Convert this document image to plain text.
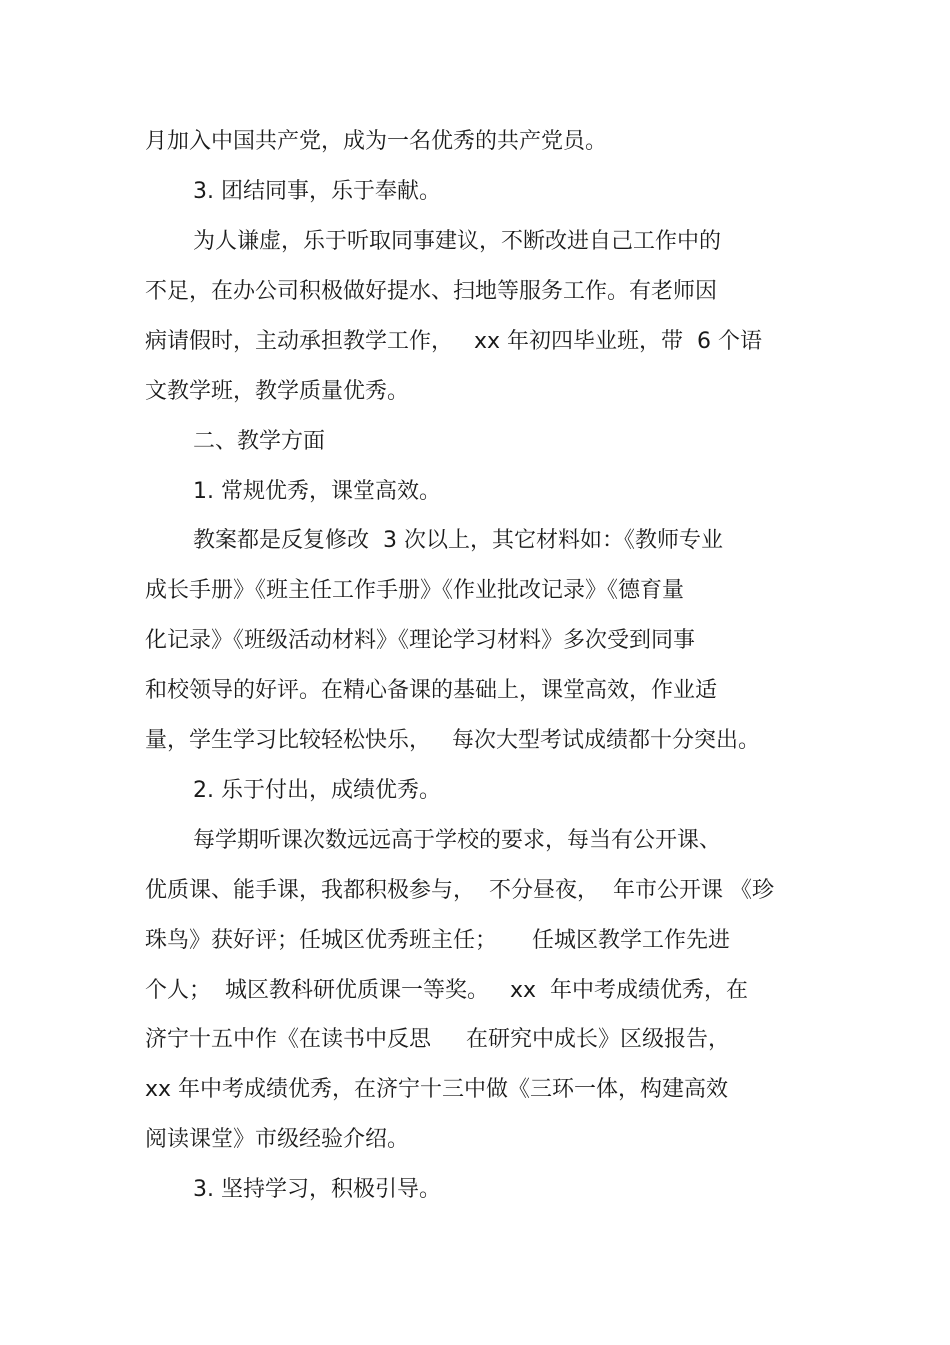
月加入中国共产党，成为一名优秀的共产党员。

3. 团结同事，乐于奉献。

为人谦虚，乐于听取同事建议，不断改进自己工作中的

不足，在办公司积极做好提水、扫地等服务工作。有老师因

病请假时，主动承担教学工作，   xx 年初四毕业班，带  6 个语

文教学班，教学质量优秀。

二、教学方面

1. 常规优秀，课堂高效。

教案都是反复修改  3 次以上，其它材料如：《教师专业

成长手册》《班主任工作手册》《作业批改记录》《德育量

化记录》《班级活动材料》《理论学习材料》多次受到同事

和校领导的好评。在精心备课的基础上，课堂高效，作业适

量，学生学习比较轻松快乐，   每次大型考试成绩都十分突出。

2. 乐于付出，成绩优秀。

每学期听课次数远远高于学校的要求，每当有公开课、

优质课、能手课，我都积极参与，  不分昼夜，  年市公开课 《珍

珠鸟》获好评；任城区优秀班主任；     任城区教学工作先进

个人；  城区教科研优质课一等奖。   xx  年中考成绩优秀，在

济宁十五中作《在读书中反思     在研究中成长》区级报告，

xx 年中考成绩优秀，在济宁十三中做《三环一体，构建高效

阅读课堂》市级经验介绍。

3. 坚持学习，积极引导。
